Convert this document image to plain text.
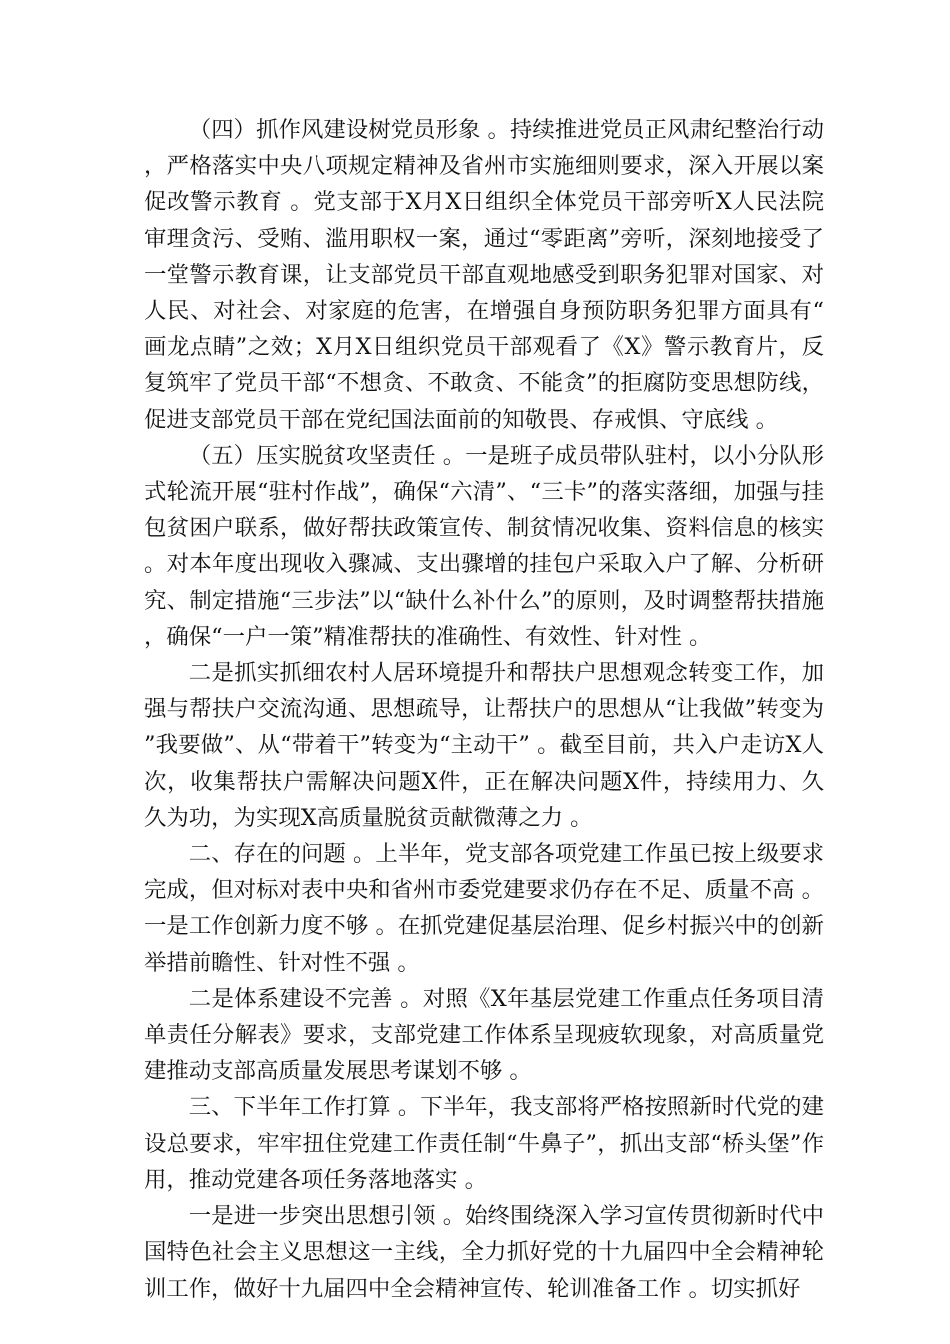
（四）抓作风建设树党员形象 。持续推进党员正风肃纪整治行动，严格落实中央八项规定精神及省州市实施细则要求，深入开展以案促改警示教育 。党支部于X月X日组织全体党员干部旁听X人民法院审理贪污、受贿、滥用职权一案，通过“零距离”旁听，深刻地接受了一堂警示教育课，让支部党员干部直观地感受到职务犯罪对国家、对人民、对社会、对家庭的危害，在增强自身预防职务犯罪方面具有“画龙点睛”之效；X月X日组织党员干部观看了《X》警示教育片，反复筑牢了党员干部“不想贪、不敢贪、不能贪”的拒腐防变思想防线，促进支部党员干部在党纪国法面前的知敬畏、存戒惧、守底线 。

（五）压实脱贫攻坚责任 。一是班子成员带队驻村，以小分队形式轮流开展“驻村作战”，确保“六清”、“三卡”的落实落细，加强与挂包贫困户联系，做好帮扶政策宣传、制贫情况收集、资料信息的核实 。对本年度出现收入骤减、支出骤增的挂包户采取入户了解、分析研究、制定措施“三步法”以“缺什么补什么”的原则，及时调整帮扶措施，确保“一户一策”精准帮扶的准确性、有效性、针对性 。

二是抓实抓细农村人居环境提升和帮扶户思想观念转变工作，加强与帮扶户交流沟通、思想疏导，让帮扶户的思想从“让我做”转变为”我要做”、从“带着干”转变为“主动干” 。截至目前，共入户走访X人次，收集帮扶户需解决问题X件，正在解决问题X件，持续用力、久久为功，为实现X高质量脱贫贡献微薄之力 。

二、存在的问题 。上半年，党支部各项党建工作虽已按上级要求完成，但对标对表中央和省州市委党建要求仍存在不足、质量不高 。一是工作创新力度不够 。在抓党建促基层治理、促乡村振兴中的创新举措前瞻性、针对性不强 。

二是体系建设不完善 。对照《X年基层党建工作重点任务项目清单责任分解表》要求，支部党建工作体系呈现疲软现象，对高质量党建推动支部高质量发展思考谋划不够 。

三、下半年工作打算 。下半年，我支部将严格按照新时代党的建设总要求，牢牢扭住党建工作责任制“牛鼻子”，抓出支部“桥头堡”作用，推动党建各项任务落地落实 。

一是进一步突出思想引领 。始终围绕深入学习宣传贯彻新时代中国特色社会主义思想这一主线，全力抓好党的十九届四中全会精神轮训工作，做好十九届四中全会精神宣传、轮训准备工作 。切实抓好
